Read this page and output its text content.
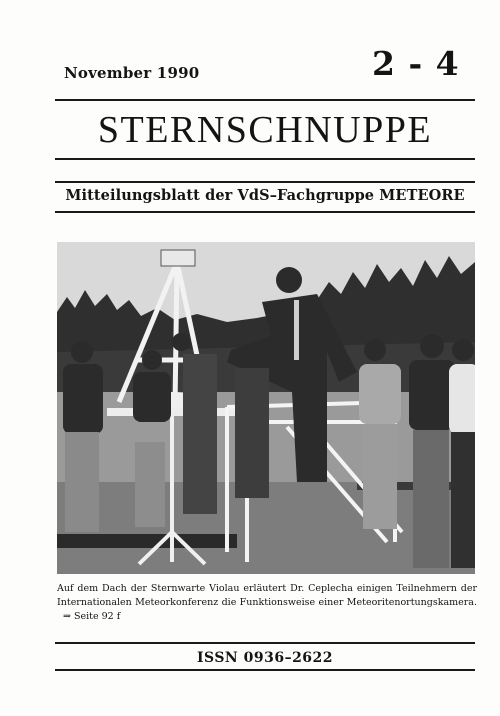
November 1990	2 - 4
STERNSCHNUPPE
Mitteilungsblatt der VdS–Fachgruppe METEORE
Auf dem Dach der Sternwarte Violau erläutert Dr. Ceplecha einigen Teilnehmern der Internationalen Meteorkonferenz die Funktionsweise einer Meteoritenortungskamera. ⇒ Seite 92 f
ISSN 0936–2622
